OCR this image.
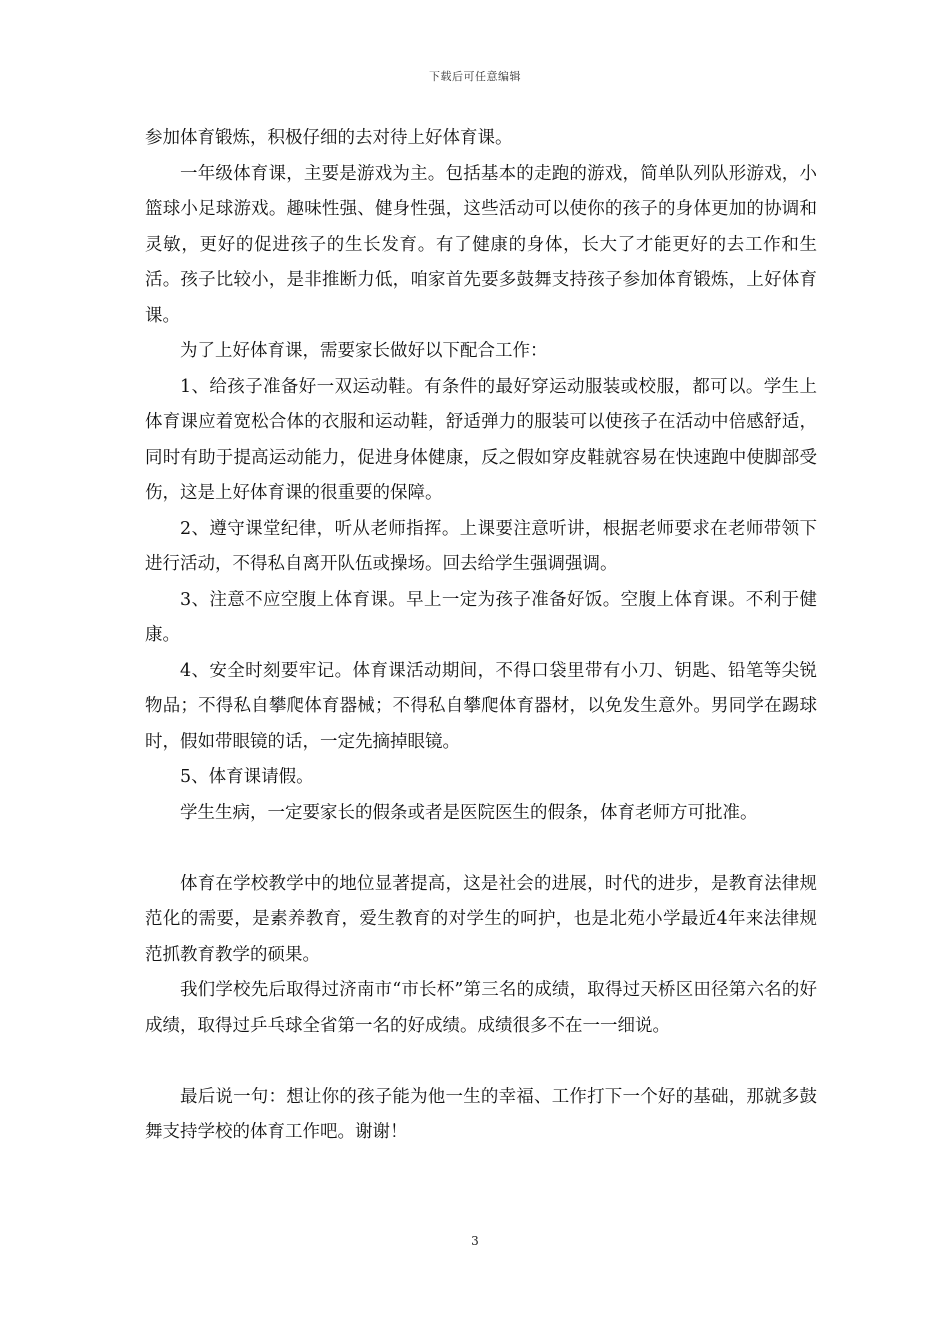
下载后可任意编辑

参加体育锻炼，积极仔细的去对待上好体育课。

一年级体育课，主要是游戏为主。包括基本的走跑的游戏，简单队列队形游戏，小篮球小足球游戏。趣味性强、健身性强，这些活动可以使你的孩子的身体更加的协调和灵敏，更好的促进孩子的生长发育。有了健康的身体，长大了才能更好的去工作和生活。孩子比较小，是非推断力低，咱家首先要多鼓舞支持孩子参加体育锻炼，上好体育课。

为了上好体育课，需要家长做好以下配合工作：

1、给孩子准备好一双运动鞋。有条件的最好穿运动服装或校服，都可以。学生上体育课应着宽松合体的衣服和运动鞋，舒适弹力的服装可以使孩子在活动中倍感舒适，同时有助于提高运动能力，促进身体健康，反之假如穿皮鞋就容易在快速跑中使脚部受伤，这是上好体育课的很重要的保障。

2、遵守课堂纪律，听从老师指挥。上课要注意听讲，根据老师要求在老师带领下进行活动，不得私自离开队伍或操场。回去给学生强调强调。

3、注意不应空腹上体育课。早上一定为孩子准备好饭。空腹上体育课。不利于健康。

4、安全时刻要牢记。体育课活动期间，不得口袋里带有小刀、钥匙、铅笔等尖锐物品；不得私自攀爬体育器械；不得私自攀爬体育器材，以免发生意外。男同学在踢球时，假如带眼镜的话，一定先摘掉眼镜。

5、体育课请假。

学生生病，一定要家长的假条或者是医院医生的假条，体育老师方可批准。

体育在学校教学中的地位显著提高，这是社会的进展，时代的进步，是教育法律规范化的需要，是素养教育，爱生教育的对学生的呵护，也是北苑小学最近4年来法律规范抓教育教学的硕果。

我们学校先后取得过济南市“市长杯”第三名的成绩，取得过天桥区田径第六名的好成绩，取得过乒乓球全省第一名的好成绩。成绩很多不在一一细说。

最后说一句：想让你的孩子能为他一生的幸福、工作打下一个好的基础，那就多鼓舞支持学校的体育工作吧。谢谢！

3
